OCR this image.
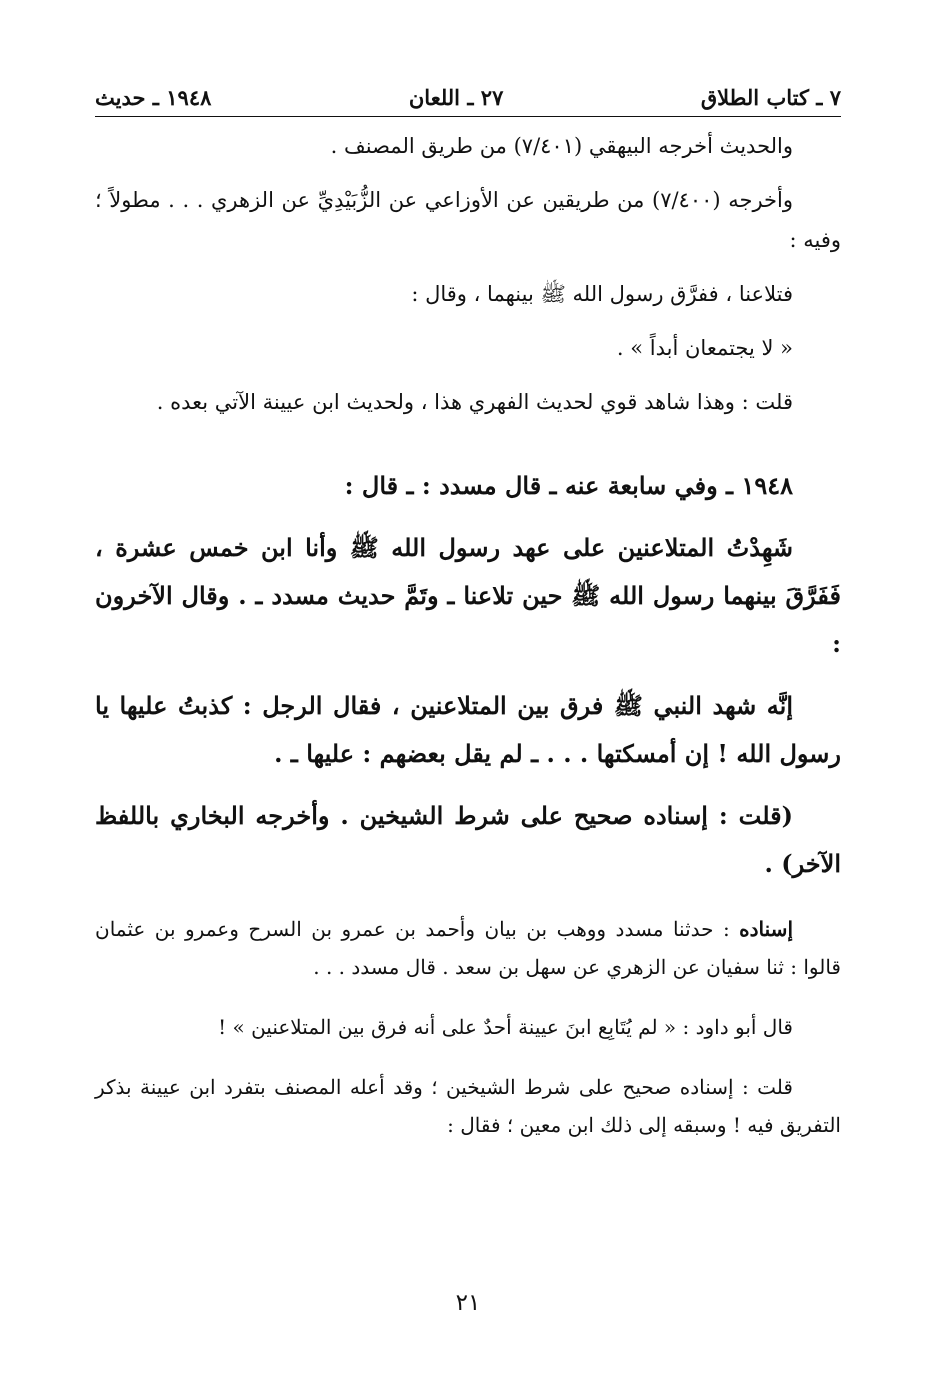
٧ ـ كتاب الطلاق
٢٧ ـ اللعان
١٩٤٨ ـ حديث

والحديث أخرجه البيهقي (٧/٤٠١) من طريق المصنف .

وأخرجه (٧/٤٠٠) من طريقين عن الأوزاعي عن الزُّبَيْدِيِّ عن الزهري . . . مطولاً ؛ وفيه :

فتلاعنا ، ففرَّق رسول الله ﷺ بينهما ، وقال :

« لا يجتمعان أبداً » .

قلت : وهذا شاهد قوي لحديث الفهري هذا ، ولحديث ابن عيينة الآتي بعده .

١٩٤٨ ـ وفي سابعة عنه ـ قال مسدد : ـ قال :

شَهِدْتُ المتلاعنين على عهد رسول الله ﷺ وأنا ابن خمس عشرة ، فَفَرَّقَ بينهما رسول الله ﷺ حين تلاعنا ـ وتَمَّ حديث مسدد ـ . وقال الآخرون :

إنَّه شهد النبي ﷺ فرق بين المتلاعنين ، فقال الرجل : كذبتُ عليها يا رسول الله ! إن أمسكتها . . . ـ لم يقل بعضهم : عليها ـ .

(قلت : إسناده صحيح على شرط الشيخين . وأخرجه البخاري باللفظ الآخر) .

إسناده : حدثنا مسدد ووهب بن بيان وأحمد بن عمرو بن السرح وعمرو بن عثمان قالوا : ثنا سفيان عن الزهري عن سهل بن سعد . قال مسدد . . .

قال أبو داود : « لم يُتَابِع ابنَ عيينة أحدٌ على أنه فرق بين المتلاعنين » !

قلت : إسناده صحيح على شرط الشيخين ؛ وقد أعله المصنف بتفرد ابن عيينة بذكر التفريق فيه ! وسبقه إلى ذلك ابن معين ؛ فقال :

٢١
